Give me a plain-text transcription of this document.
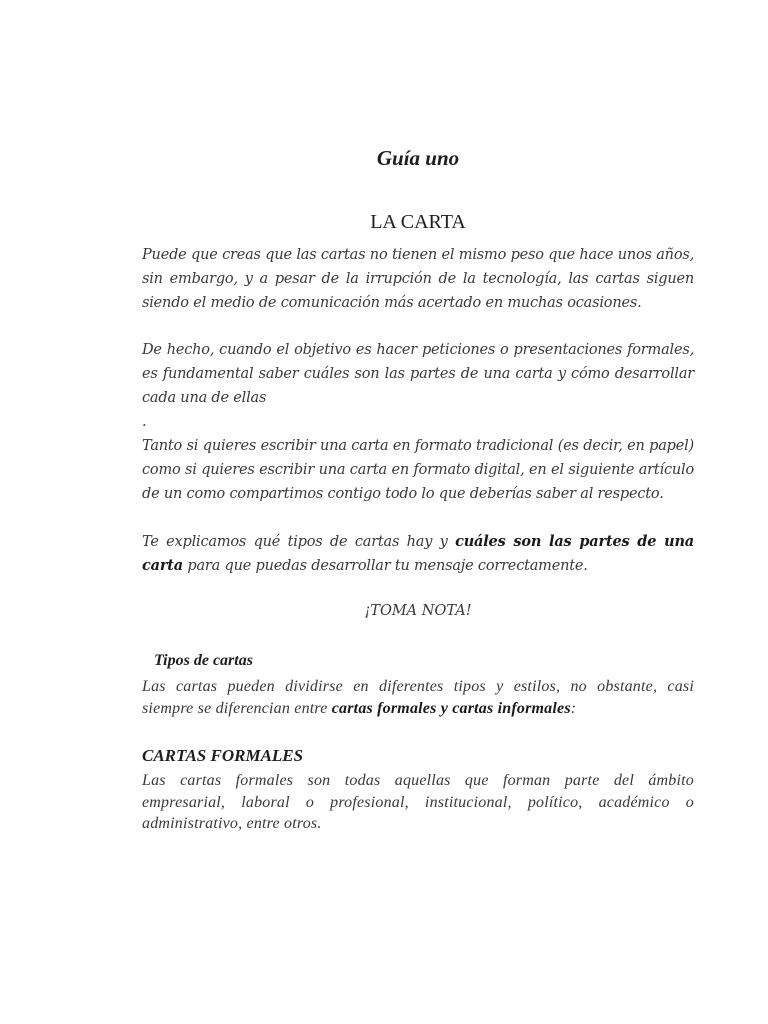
Guía uno
LA CARTA
Puede que creas que las cartas no tienen el mismo peso que hace unos años,
sin embargo, y a pesar de la irrupción de la tecnología, las cartas siguen
siendo el medio de comunicación más acertado en muchas ocasiones.
De hecho, cuando el objetivo es hacer peticiones o presentaciones formales,
es fundamental saber cuáles son las partes de una carta y cómo desarrollar
cada una de ellas
.
Tanto si quieres escribir una carta en formato tradicional (es decir, en papel)
como si quieres escribir una carta en formato digital, en el siguiente artículo
de un como compartimos contigo todo lo que deberías saber al respecto.
Te explicamos qué tipos de cartas hay y cuáles son las partes de una
carta para que puedas desarrollar tu mensaje correctamente.
¡TOMA NOTA!
Tipos de cartas
Las cartas pueden dividirse en diferentes tipos y estilos, no obstante, casi
siempre se diferencian entre cartas formales y cartas informales:
CARTAS FORMALES
Las cartas formales son todas aquellas que forman parte del ámbito
empresarial, laboral o profesional, institucional, político, académico o
administrativo, entre otros.
